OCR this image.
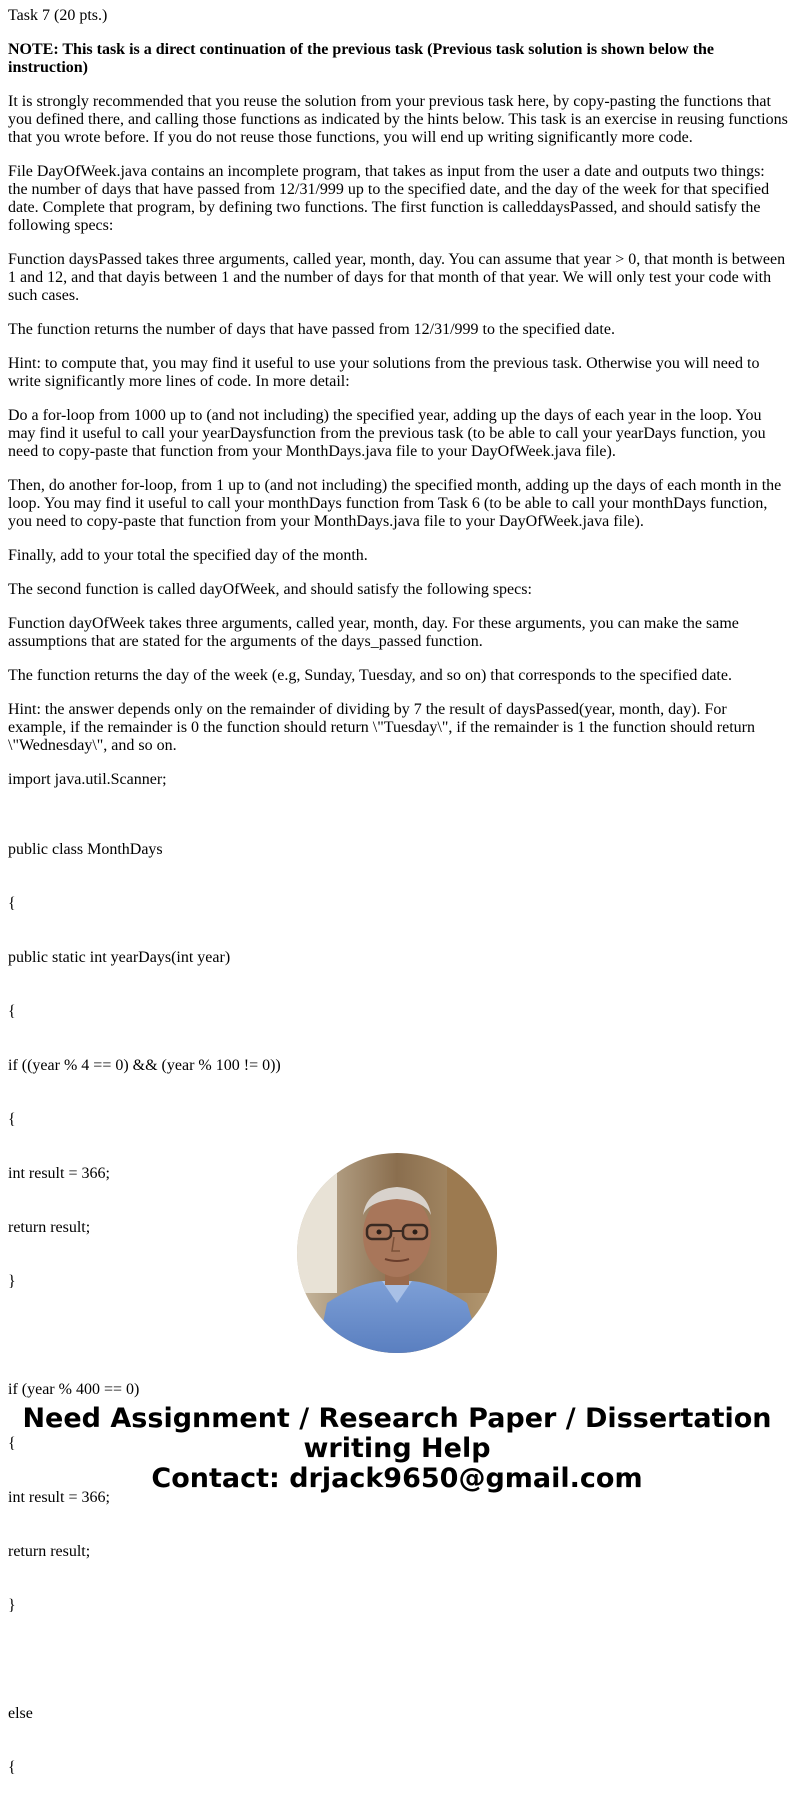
Task 7 (20 pts.)

NOTE: This task is a direct continuation of the previous task (Previous task solution is shown below the instruction)

It is strongly recommended that you reuse the solution from your previous task here, by copy-pasting the functions that you defined there, and calling those functions as indicated by the hints below. This task is an exercise in reusing functions that you wrote before. If you do not reuse those functions, you will end up writing significantly more code.

File DayOfWeek.java contains an incomplete program, that takes as input from the user a date and outputs two things: the number of days that have passed from 12/31/999 up to the specified date, and the day of the week for that specified date. Complete that program, by defining two functions. The first function is calleddaysPassed, and should satisfy the following specs:

Function daysPassed takes three arguments, called year, month, day. You can assume that year > 0, that month is between 1 and 12, and that dayis between 1 and the number of days for that month of that year. We will only test your code with such cases.

The function returns the number of days that have passed from 12/31/999 to the specified date.

Hint: to compute that, you may find it useful to use your solutions from the previous task. Otherwise you will need to write significantly more lines of code. In more detail:

Do a for-loop from 1000 up to (and not including) the specified year, adding up the days of each year in the loop. You may find it useful to call your yearDaysfunction from the previous task (to be able to call your yearDays function, you need to copy-paste that function from your MonthDays.java file to your DayOfWeek.java file).

Then, do another for-loop, from 1 up to (and not including) the specified month, adding up the days of each month in the loop. You may find it useful to call your monthDays function from Task 6 (to be able to call your monthDays function, you need to copy-paste that function from your MonthDays.java file to your DayOfWeek.java file).

Finally, add to your total the specified day of the month.

The second function is called dayOfWeek, and should satisfy the following specs:

Function dayOfWeek takes three arguments, called year, month, day. For these arguments, you can make the same assumptions that are stated for the arguments of the days_passed function.

The function returns the day of the week (e.g, Sunday, Tuesday, and so on) that corresponds to the specified date.

Hint: the answer depends only on the remainder of dividing by 7 the result of daysPassed(year, month, day). For example, if the remainder is 0 the function should return \"Tuesday\", if the remainder is 1 the function should return \"Wednesday\", and so on.

import java.util.Scanner;

public class MonthDays

{

public static int yearDays(int year)

{

if ((year % 4 == 0) && (year % 100 != 0))

{

int result = 366;

return result;

}

if (year % 400 == 0)

{

int result = 366;

return result;

}

else

{

Need Assignment / Research Paper / Dissertation
writing Help
Contact: drjack9650@gmail.com
